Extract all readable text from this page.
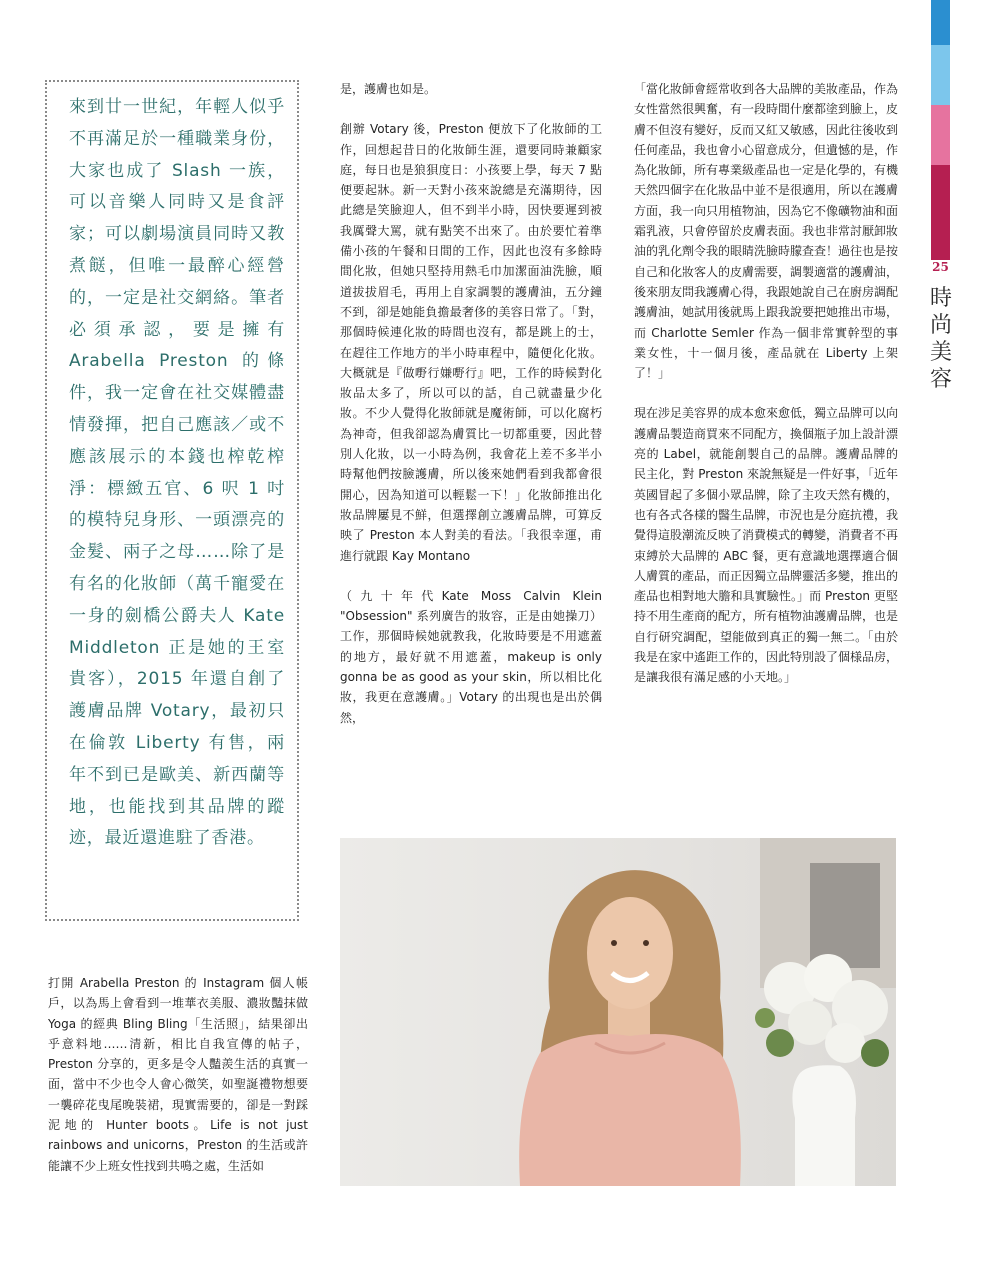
25
時尚美容

來到廿一世紀，年輕人似乎不再滿足於一種職業身份，大家也成了 Slash 一族，可以音樂人同時又是食評家；可以劇場演員同時又教煮餸，但唯一最醉心經營的，一定是社交網絡。筆者必須承認，要是擁有 Arabella Preston 的條件，我一定會在社交媒體盡情發揮，把自己應該／或不應該展示的本錢也榨乾榨淨：標緻五官、6 呎 1 吋的模特兒身形、一頭漂亮的金髮、兩子之母……除了是有名的化妝師（萬千寵愛在一身的劍橋公爵夫人 Kate Middleton 正是她的王室貴客），2015 年還自創了護膚品牌 Votary，最初只在倫敦 Liberty 有售，兩年不到已是歐美、新西蘭等地，也能找到其品牌的蹤迹，最近還進駐了香港。

打開 Arabella Preston 的 Instagram 個人帳戶，以為馬上會看到一堆華衣美服、濃妝豔抹做 Yoga 的經典 Bling Bling「生活照」，結果卻出乎意料地……清新，相比自我宣傳的帖子，Preston 分享的，更多是令人豔羨生活的真實一面，當中不少也令人會心微笑，如聖誕禮物想要一襲碎花曳尾晚裝裙，現實需要的，卻是一對踩泥地的 Hunter boots。Life is not just rainbows and unicorns，Preston 的生活或許能讓不少上班女性找到共鳴之處，生活如

是，護膚也如是。

創辦 Votary 後，Preston 便放下了化妝師的工作，回想起昔日的化妝師生涯，還要同時兼顧家庭，每日也是狼狽度日：小孩要上學，每天 7 點便要起牀。新一天對小孩來說總是充滿期待，因此總是笑臉迎人，但不到半小時，因快要遲到被我厲聲大罵，就有點笑不出來了。由於要忙着準備小孩的午餐和日間的工作，因此也沒有多餘時間化妝，但她只堅持用熱毛巾加潔面油洗臉，順道拔拔眉毛，再用上自家調製的護膚油，五分鐘不到，卻是她能負擔最奢侈的美容日常了。「對，那個時候連化妝的時間也沒有，都是跳上的士，在趕往工作地方的半小時車程中，隨便化化妝。大概就是『做嘢行嫌嘢行』吧，工作的時候對化妝品太多了，所以可以的話，自己就盡量少化妝。不少人覺得化妝師就是魔術師，可以化腐朽為神奇，但我卻認為膚質比一切都重要，因此替別人化妝，以一小時為例，我會花上差不多半小時幫他們按臉護膚，所以後來她們看到我都會很開心，因為知道可以輕鬆一下！」化妝師推出化妝品牌屢見不鮮，但選擇創立護膚品牌，可算反映了 Preston 本人對美的看法。「我很幸運，甫進行就跟 Kay Montano

（九十年代Kate Moss Calvin Klein "Obsession" 系列廣告的妝容，正是由她操刀）工作，那個時候她就教我，化妝時要是不用遮蓋的地方，最好就不用遮蓋，makeup is only gonna be as good as your skin，所以相比化妝，我更在意護膚。」Votary 的出現也是出於偶然，

「當化妝師會經常收到各大品牌的美妝產品，作為女性當然很興奮，有一段時間什麼都塗到臉上，皮膚不但沒有變好，反而又紅又敏感，因此往後收到任何產品，我也會小心留意成分，但遺憾的是，作為化妝師，所有專業級產品也一定是化學的，有機天然四個字在化妝品中並不是很適用，所以在護膚方面，我一向只用植物油，因為它不像礦物油和面霜乳液，只會停留於皮膚表面。我也非常討厭卸妝油的乳化劑令我的眼睛洗臉時朦查查！過往也是按自己和化妝客人的皮膚需要，調製適當的護膚油，後來朋友問我護膚心得，我跟她說自己在廚房調配護膚油，她試用後就馬上跟我說要把她推出市場，而 Charlotte Semler 作為一個非常實幹型的事業女性，十一個月後，產品就在 Liberty 上架了！」

現在涉足美容界的成本愈來愈低，獨立品牌可以向護膚品製造商買來不同配方，換個瓶子加上設計漂亮的 Label，就能創製自己的品牌。護膚品牌的民主化，對 Preston 來說無疑是一件好事，「近年英國冒起了多個小眾品牌，除了主攻天然有機的，也有各式各樣的醫生品牌，市況也是分庭抗禮，我覺得這股潮流反映了消費模式的轉變，消費者不再束縛於大品牌的 ABC 餐，更有意識地選擇適合個人膚質的產品，而正因獨立品牌靈活多變，推出的產品也相對地大膽和具實驗性。」而 Preston 更堅持不用生產商的配方，所有植物油護膚品牌，也是自行研究調配，望能做到真正的獨一無二。「由於我是在家中遙距工作的，因此特別設了個様品房，是讓我很有滿足感的小天地。」
